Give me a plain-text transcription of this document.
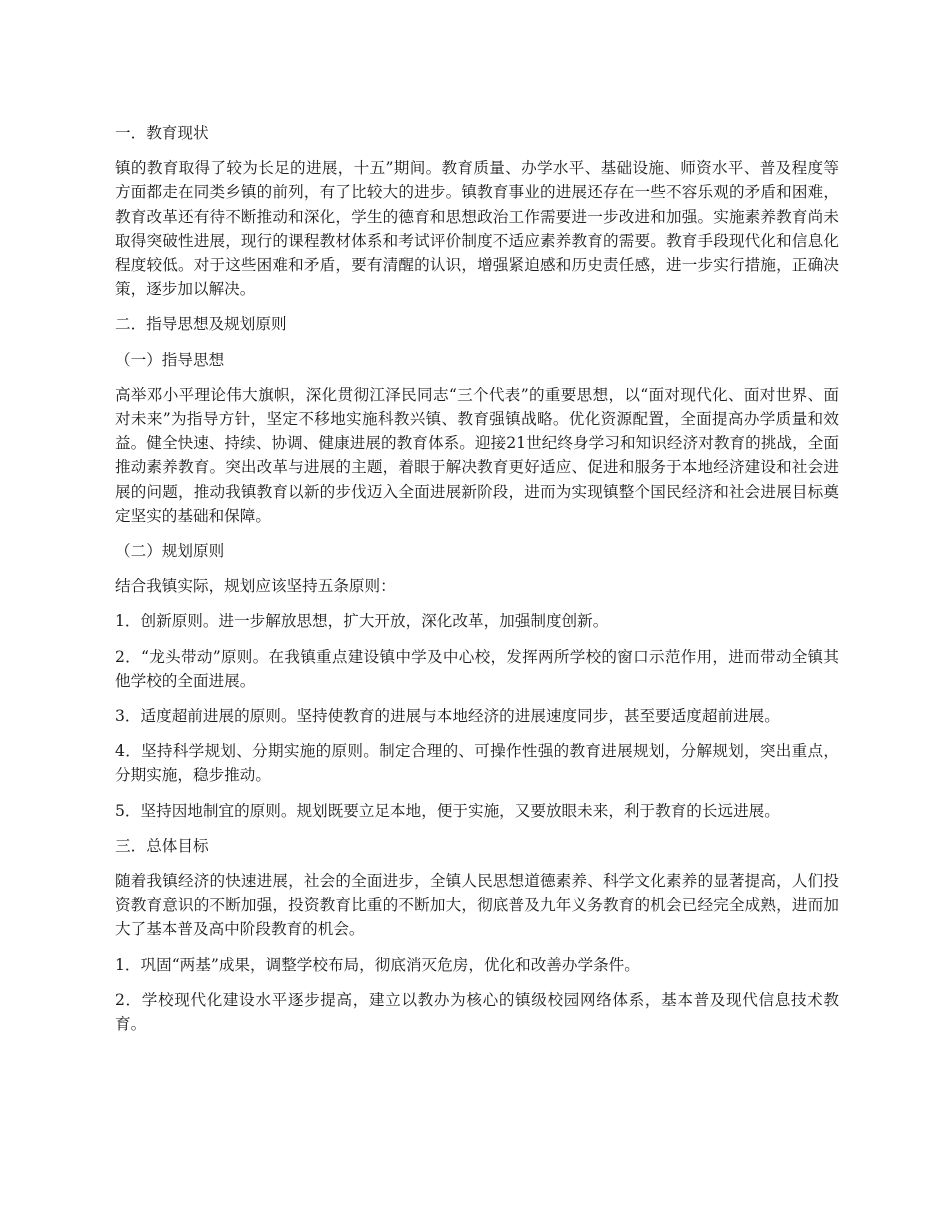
一．教育现状
镇的教育取得了较为长足的进展，十五”期间。教育质量、办学水平、基础设施、师资水平、普及程度等方面都走在同类乡镇的前列，有了比较大的进步。镇教育事业的进展还存在一些不容乐观的矛盾和困难，教育改革还有待不断推动和深化，学生的德育和思想政治工作需要进一步改进和加强。实施素养教育尚未取得突破性进展，现行的课程教材体系和考试评价制度不适应素养教育的需要。教育手段现代化和信息化程度较低。对于这些困难和矛盾，要有清醒的认识，增强紧迫感和历史责任感，进一步实行措施，正确决策，逐步加以解决。
二．指导思想及规划原则
（一）指导思想
高举邓小平理论伟大旗帜，深化贯彻江泽民同志“三个代表”的重要思想，以“面对现代化、面对世界、面对未来”为指导方针，坚定不移地实施科教兴镇、教育强镇战略。优化资源配置，全面提高办学质量和效益。健全快速、持续、协调、健康进展的教育体系。迎接21世纪终身学习和知识经济对教育的挑战，全面推动素养教育。突出改革与进展的主题，着眼于解决教育更好适应、促进和服务于本地经济建设和社会进展的问题，推动我镇教育以新的步伐迈入全面进展新阶段，进而为实现镇整个国民经济和社会进展目标奠定坚实的基础和保障。
（二）规划原则
结合我镇实际，规划应该坚持五条原则：
1．创新原则。进一步解放思想，扩大开放，深化改革，加强制度创新。
2．“龙头带动”原则。在我镇重点建设镇中学及中心校，发挥两所学校的窗口示范作用，进而带动全镇其他学校的全面进展。
3．适度超前进展的原则。坚持使教育的进展与本地经济的进展速度同步，甚至要适度超前进展。
4．坚持科学规划、分期实施的原则。制定合理的、可操作性强的教育进展规划，分解规划，突出重点，分期实施，稳步推动。
5．坚持因地制宜的原则。规划既要立足本地，便于实施，又要放眼未来，利于教育的长远进展。
三．总体目标
随着我镇经济的快速进展，社会的全面进步，全镇人民思想道德素养、科学文化素养的显著提高，人们投资教育意识的不断加强，投资教育比重的不断加大，彻底普及九年义务教育的机会已经完全成熟，进而加大了基本普及高中阶段教育的机会。
1．巩固“两基”成果，调整学校布局，彻底消灭危房，优化和改善办学条件。
2．学校现代化建设水平逐步提高，建立以教办为核心的镇级校园网络体系，基本普及现代信息技术教育。
